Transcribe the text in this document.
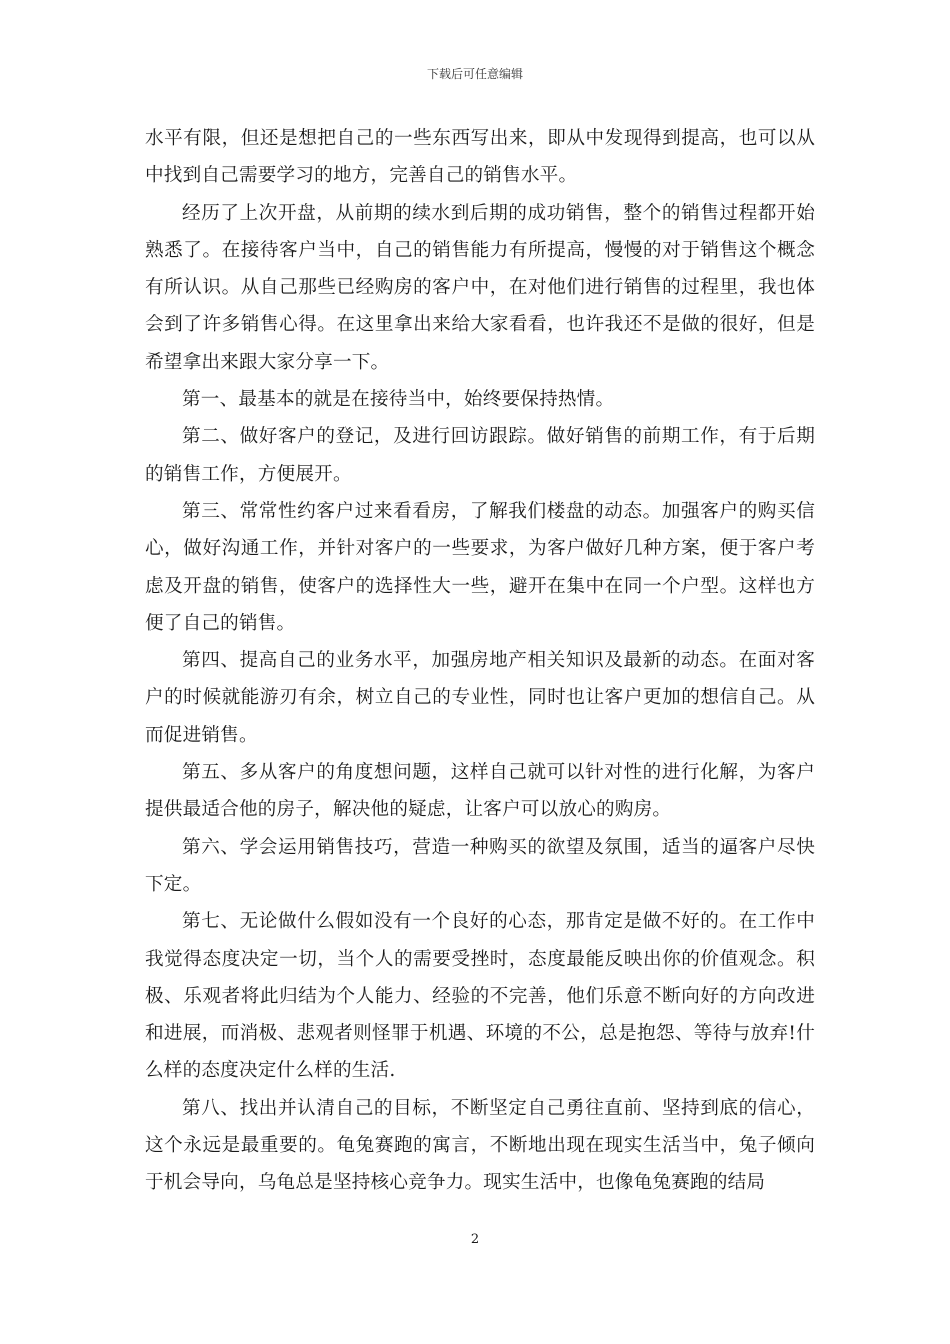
下载后可任意编辑

水平有限，但还是想把自己的一些东西写出来，即从中发现得到提高，也可以从中找到自己需要学习的地方，完善自己的销售水平。

经历了上次开盘，从前期的续水到后期的成功销售，整个的销售过程都开始熟悉了。在接待客户当中，自己的销售能力有所提高，慢慢的对于销售这个概念有所认识。从自己那些已经购房的客户中，在对他们进行销售的过程里，我也体会到了许多销售心得。在这里拿出来给大家看看，也许我还不是做的很好，但是希望拿出来跟大家分享一下。

第一、最基本的就是在接待当中，始终要保持热情。

第二、做好客户的登记，及进行回访跟踪。做好销售的前期工作，有于后期的销售工作，方便展开。

第三、常常性约客户过来看看房，了解我们楼盘的动态。加强客户的购买信心，做好沟通工作，并针对客户的一些要求，为客户做好几种方案，便于客户考虑及开盘的销售，使客户的选择性大一些，避开在集中在同一个户型。这样也方便了自己的销售。

第四、提高自己的业务水平，加强房地产相关知识及最新的动态。在面对客户的时候就能游刃有余，树立自己的专业性，同时也让客户更加的想信自己。从而促进销售。

第五、多从客户的角度想问题，这样自己就可以针对性的进行化解，为客户提供最适合他的房子，解决他的疑虑，让客户可以放心的购房。

第六、学会运用销售技巧，营造一种购买的欲望及氛围，适当的逼客户尽快下定。

第七、无论做什么假如没有一个良好的心态，那肯定是做不好的。在工作中我觉得态度决定一切，当个人的需要受挫时，态度最能反映出你的价值观念。积极、乐观者将此归结为个人能力、经验的不完善，他们乐意不断向好的方向改进和进展，而消极、悲观者则怪罪于机遇、环境的不公，总是抱怨、等待与放弃!什么样的态度决定什么样的生活.

第八、找出并认清自己的目标，不断坚定自己勇往直前、坚持到底的信心，这个永远是最重要的。龟兔赛跑的寓言，不断地出现在现实生活当中，兔子倾向于机会导向，乌龟总是坚持核心竞争力。现实生活中，也像龟兔赛跑的结局

2
